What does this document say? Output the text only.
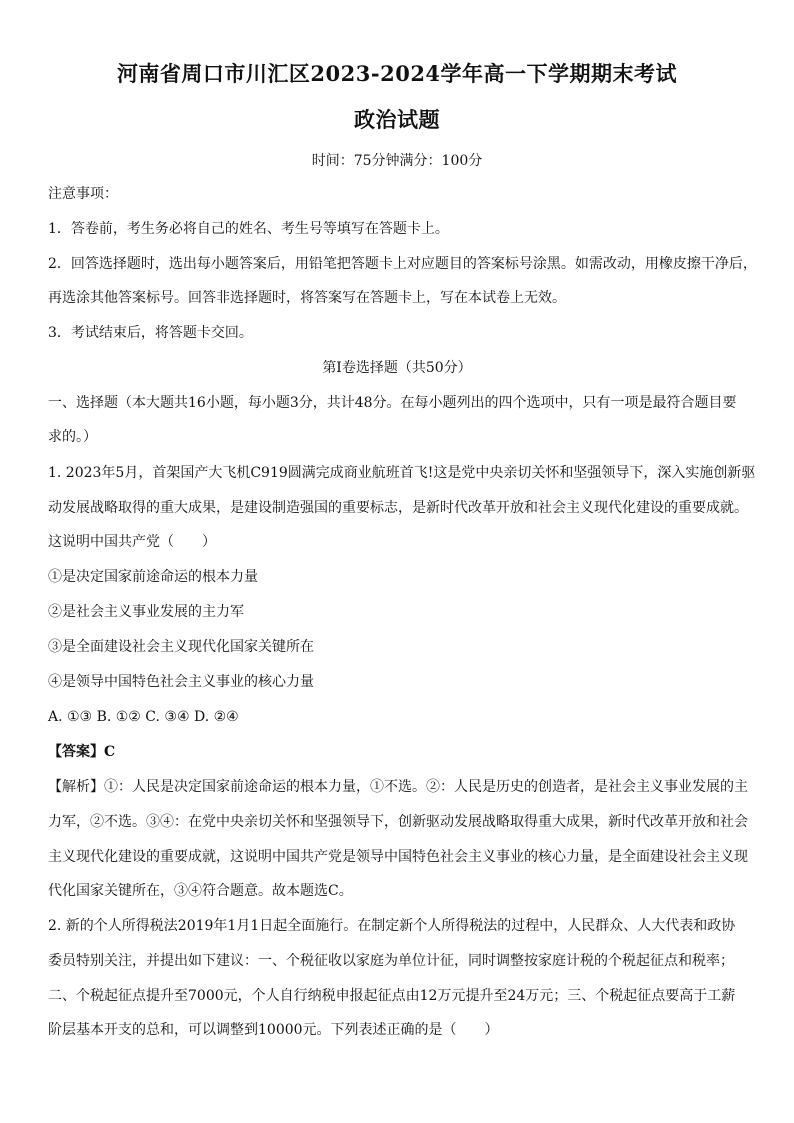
河南省周口市川汇区2023-2024学年高一下学期期末考试
政治试题
时间：75分钟满分：100分
注意事项：
1．答卷前，考生务必将自己的姓名、考生号等填写在答题卡上。
2．回答选择题时，选出每小题答案后，用铅笔把答题卡上对应题目的答案标号涂黑。如需改动，用橡皮擦干净后，
再选涂其他答案标号。回答非选择题时，将答案写在答题卡上，写在本试卷上无效。
3．考试结束后，将答题卡交回。
第Ⅰ卷选择题（共50分）
一、选择题（本大题共16小题，每小题3分，共计48分。在每小题列出的四个选项中，只有一项是最符合题目要
求的。）
1. 2023年5月，首架国产大飞机C919圆满完成商业航班首飞!这是党中央亲切关怀和坚强领导下，深入实施创新驱
动发展战略取得的重大成果，是建设制造强国的重要标志，是新时代改革开放和社会主义现代化建设的重要成就。
这说明中国共产党（　　）
①是决定国家前途命运的根本力量
②是社会主义事业发展的主力军
③是全面建设社会主义现代化国家关键所在
④是领导中国特色社会主义事业的核心力量
A. ①③ B. ①② C. ③④ D. ②④
【答案】C
【解析】①：人民是决定国家前途命运的根本力量，①不选。②：人民是历史的创造者，是社会主义事业发展的主
力军，②不选。③④：在党中央亲切关怀和坚强领导下，创新驱动发展战略取得重大成果，新时代改革开放和社会
主义现代化建设的重要成就，这说明中国共产党是领导中国特色社会主义事业的核心力量，是全面建设社会主义现
代化国家关键所在，③④符合题意。故本题选C。
2. 新的个人所得税法2019年1月1日起全面施行。在制定新个人所得税法的过程中，人民群众、人大代表和政协
委员特别关注，并提出如下建议：一、个税征收以家庭为单位计征，同时调整按家庭计税的个税起征点和税率；
二、个税起征点提升至7000元，个人自行纳税申报起征点由12万元提升至24万元；三、个税起征点要高于工薪
阶层基本开支的总和，可以调整到10000元。下列表述正确的是（　　）
